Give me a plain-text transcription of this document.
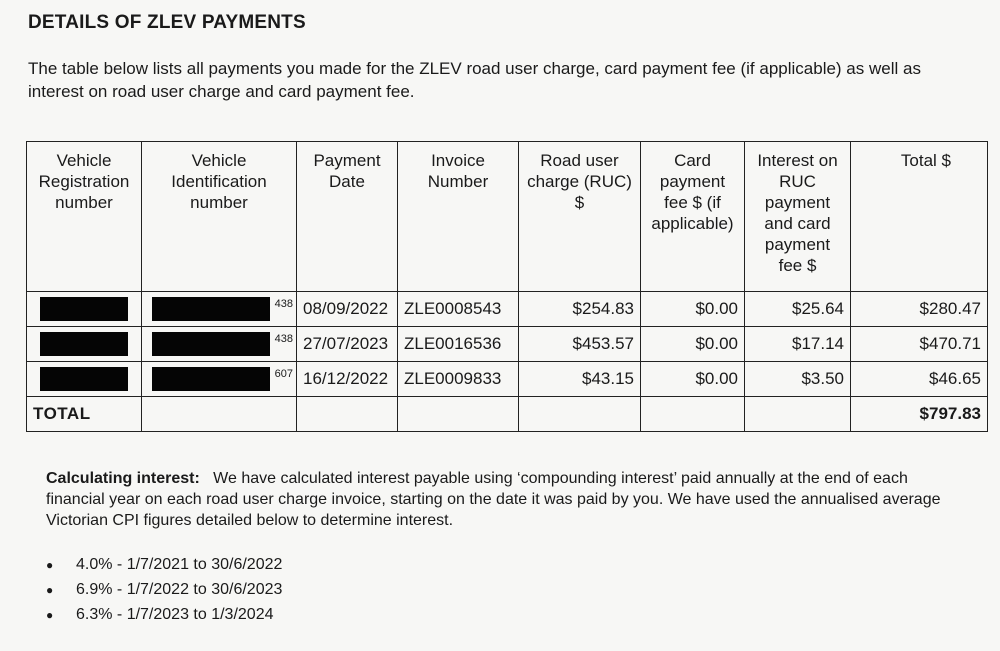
DETAILS OF ZLEV PAYMENTS
The table below lists all payments you made for the ZLEV road user charge, card payment fee (if applicable) as well as interest on road user charge and card payment fee.
Vehicle Registration number	Vehicle Identification number	Payment Date	Invoice Number	Road user charge (RUC) $	Card payment fee $ (if applicable)	Interest on RUC payment and card payment fee $	Total $

	438	08/09/2022	ZLE0008543	$254.83	$0.00	$25.64	$280.47

	438	27/07/2023	ZLE0016536	$453.57	$0.00	$17.14	$470.71

	607	16/12/2022	ZLE0009833	$43.15	$0.00	$3.50	$46.65
TOTAL							$797.83
Calculating interest: We have calculated interest payable using ‘compounding interest’ paid annually at the end of each financial year on each road user charge invoice, starting on the date it was paid by you. We have used the annualised average Victorian CPI figures detailed below to determine interest.
●	4.0% - 1/7/2021 to 30/6/2022
●	6.9% - 1/7/2022 to 30/6/2023
●	6.3% - 1/7/2023 to 1/3/2024
